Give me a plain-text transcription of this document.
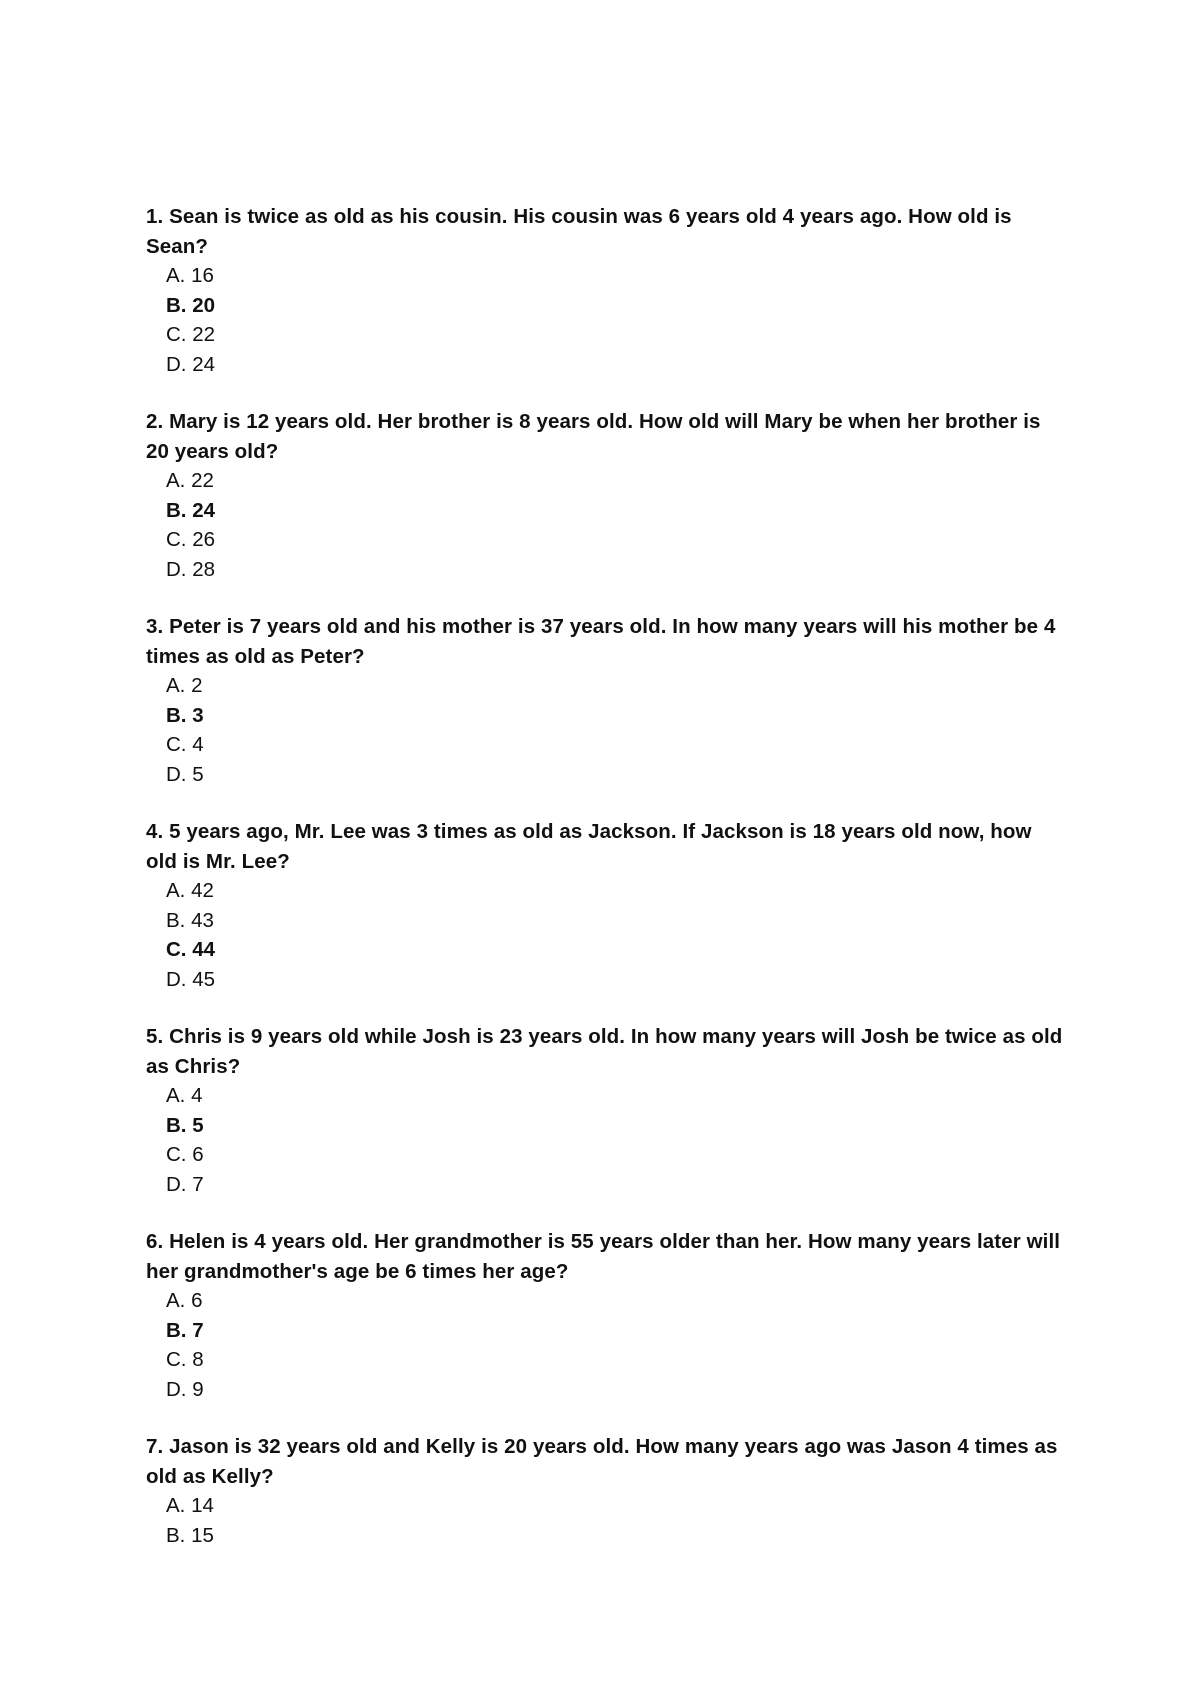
1. Sean is twice as old as his cousin. His cousin was 6 years old 4 years ago. How old is Sean?

A. 16
B. 20
C. 22
D. 24

2. Mary is 12 years old. Her brother is 8 years old. How old will Mary be when her brother is 20 years old?

A. 22
B. 24
C. 26
D. 28

3. Peter is 7 years old and his mother is 37 years old. In how many years will his mother be 4 times as old as Peter?

A. 2
B. 3
C. 4
D. 5

4. 5 years ago, Mr. Lee was 3 times as old as Jackson. If Jackson is 18 years old now, how old is Mr. Lee?

A. 42
B. 43
C. 44
D. 45

5. Chris is 9 years old while Josh is 23 years old. In how many years will Josh be twice as old as Chris?

A. 4
B. 5
C. 6
D. 7

6. Helen is 4 years old. Her grandmother is 55 years older than her. How many years later will her grandmother's age be 6 times her age?

A. 6
B. 7
C. 8
D. 9

7. Jason is 32 years old and Kelly is 20 years old. How many years ago was Jason 4 times as old as Kelly?

A. 14
B. 15
